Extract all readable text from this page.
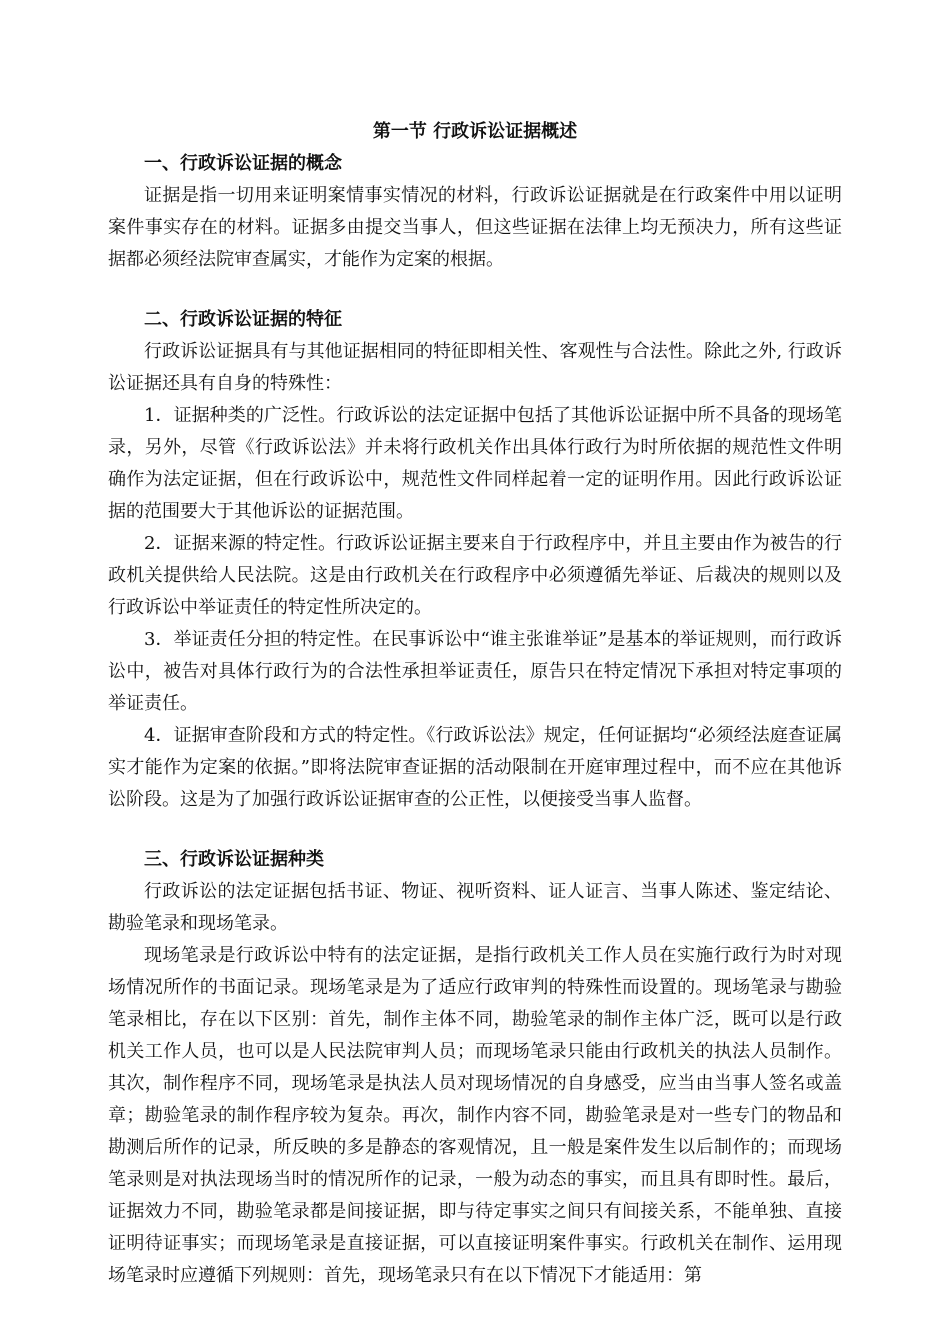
第一节 行政诉讼证据概述

一、行政诉讼证据的概念

证据是指一切用来证明案情事实情况的材料，行政诉讼证据就是在行政案件中用以证明案件事实存在的材料。证据多由提交当事人，但这些证据在法律上均无预决力，所有这些证据都必须经法院审查属实，才能作为定案的根据。

二、行政诉讼证据的特征

行政诉讼证据具有与其他证据相同的特征即相关性、客观性与合法性。除此之外, 行政诉讼证据还具有自身的特殊性：

1．证据种类的广泛性。行政诉讼的法定证据中包括了其他诉讼证据中所不具备的现场笔录，另外，尽管《行政诉讼法》并未将行政机关作出具体行政行为时所依据的规范性文件明确作为法定证据，但在行政诉讼中，规范性文件同样起着一定的证明作用。因此行政诉讼证据的范围要大于其他诉讼的证据范围。

2．证据来源的特定性。行政诉讼证据主要来自于行政程序中，并且主要由作为被告的行政机关提供给人民法院。这是由行政机关在行政程序中必须遵循先举证、后裁决的规则以及行政诉讼中举证责任的特定性所决定的。

3．举证责任分担的特定性。在民事诉讼中“谁主张谁举证”是基本的举证规则，而行政诉讼中，被告对具体行政行为的合法性承担举证责任，原告只在特定情况下承担对特定事项的举证责任。

4．证据审查阶段和方式的特定性。《行政诉讼法》规定，任何证据均“必须经法庭查证属实才能作为定案的依据。”即将法院审查证据的活动限制在开庭审理过程中，而不应在其他诉讼阶段。这是为了加强行政诉讼证据审查的公正性，以便接受当事人监督。

三、行政诉讼证据种类

行政诉讼的法定证据包括书证、物证、视听资料、证人证言、当事人陈述、鉴定结论、勘验笔录和现场笔录。

现场笔录是行政诉讼中特有的法定证据，是指行政机关工作人员在实施行政行为时对现场情况所作的书面记录。现场笔录是为了适应行政审判的特殊性而设置的。现场笔录与勘验笔录相比，存在以下区别：首先，制作主体不同，勘验笔录的制作主体广泛，既可以是行政机关工作人员，也可以是人民法院审判人员；而现场笔录只能由行政机关的执法人员制作。其次，制作程序不同，现场笔录是执法人员对现场情况的自身感受，应当由当事人签名或盖章；勘验笔录的制作程序较为复杂。再次，制作内容不同，勘验笔录是对一些专门的物品和勘测后所作的记录，所反映的多是静态的客观情况，且一般是案件发生以后制作的；而现场笔录则是对执法现场当时的情况所作的记录，一般为动态的事实，而且具有即时性。最后，证据效力不同，勘验笔录都是间接证据，即与待定事实之间只有间接关系，不能单独、直接证明待证事实；而现场笔录是直接证据，可以直接证明案件事实。行政机关在制作、运用现场笔录时应遵循下列规则：首先，现场笔录只有在以下情况下才能适用：第
